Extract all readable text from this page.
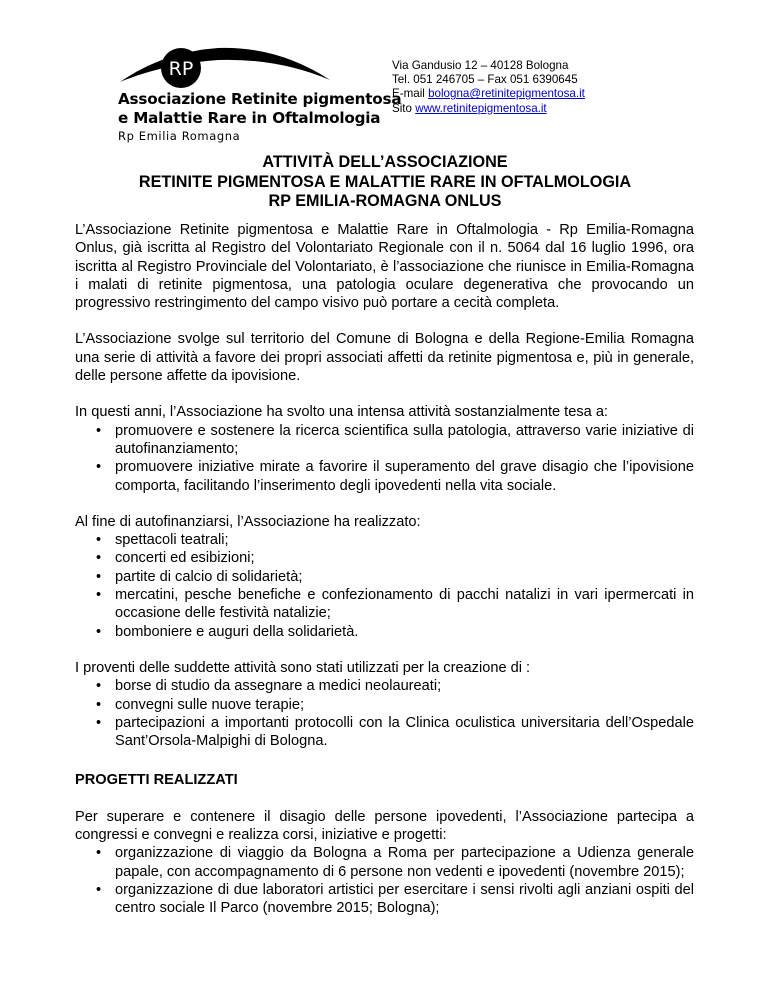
RP
Associazione Retinite pigmentosa
e Malattie Rare in Oftalmologia
Rp Emilia Romagna
Via Gandusio 12 – 40128 Bologna
Tel. 051 246705 – Fax 051 6390645
E-mail bologna@retinitepigmentosa.it
Sito www.retinitepigmentosa.it
ATTIVITÀ DELL’ASSOCIAZIONE
RETINITE PIGMENTOSA E MALATTIE RARE IN OFTALMOLOGIA
RP EMILIA-ROMAGNA ONLUS

L’Associazione Retinite pigmentosa e Malattie Rare in Oftalmologia - Rp Emilia-Romagna Onlus, già iscritta al Registro del Volontariato Regionale con il n. 5064 dal 16 luglio 1996, ora iscritta al Registro Provinciale del Volontariato, è l’associazione che riunisce in Emilia-Romagna i malati di retinite pigmentosa, una patologia oculare degenerativa che provocando un progressivo restringimento del campo visivo può portare a cecità completa.

L’Associazione svolge sul territorio del Comune di Bologna e della Regione-Emilia Romagna una serie di attività a favore dei propri associati affetti da retinite pigmentosa e, più in generale, delle persone affette da ipovisione.

In questi anni, l’Associazione ha svolto una intensa attività sostanzialmente tesa a:

• promuovere e sostenere la ricerca scientifica sulla patologia, attraverso varie iniziative di autofinanziamento;
• promuovere iniziative mirate a favorire il superamento del grave disagio che l’ipovisione comporta, facilitando l’inserimento degli ipovedenti nella vita sociale.

Al fine di autofinanziarsi, l’Associazione ha realizzato:

• spettacoli teatrali;
• concerti ed esibizioni;
• partite di calcio di solidarietà;
• mercatini, pesche benefiche e confezionamento di pacchi natalizi in vari ipermercati in occasione delle festività natalizie;
• bomboniere e auguri della solidarietà.

I proventi delle suddette attività sono stati utilizzati per la creazione di :

• borse di studio da assegnare a medici neolaureati;
• convegni sulle nuove terapie;
• partecipazioni a importanti protocolli con la Clinica oculistica universitaria dell’Ospedale Sant’Orsola-Malpighi di Bologna.

PROGETTI REALIZZATI

Per superare e contenere il disagio delle persone ipovedenti, l’Associazione partecipa a congressi e convegni e realizza corsi, iniziative e progetti:

• organizzazione di viaggio da Bologna a Roma per partecipazione a Udienza generale papale, con accompagnamento di 6 persone non vedenti e ipovedenti (novembre 2015);
• organizzazione di due laboratori artistici per esercitare i sensi rivolti agli anziani ospiti del centro sociale Il Parco (novembre 2015; Bologna);
